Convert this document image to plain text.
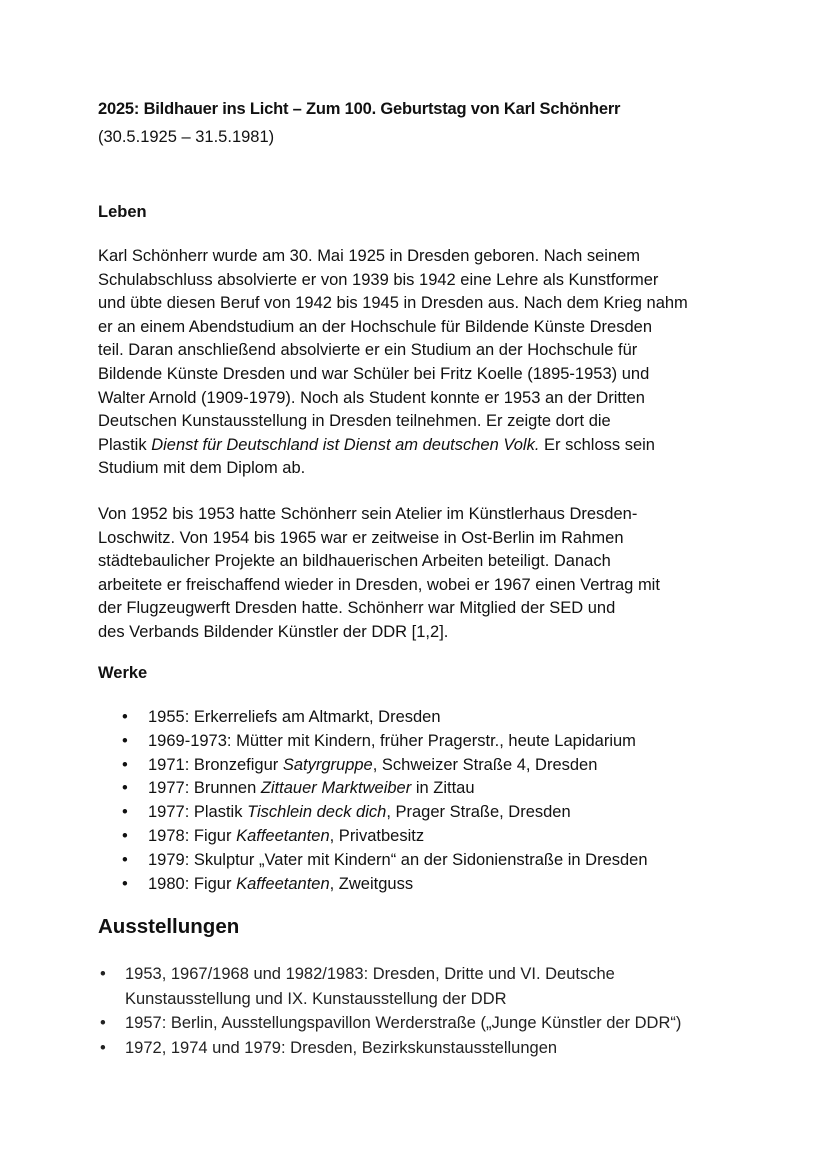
2025: Bildhauer ins Licht – Zum 100. Geburtstag von Karl Schönherr
(30.5.1925 – 31.5.1981)
Leben
Karl Schönherr wurde am 30. Mai 1925 in Dresden geboren. Nach seinem
Schulabschluss absolvierte er von 1939 bis 1942 eine Lehre als Kunstformer
und übte diesen Beruf von 1942 bis 1945 in Dresden aus. Nach dem Krieg nahm
er an einem Abendstudium an der Hochschule für Bildende Künste Dresden
teil. Daran anschließend absolvierte er ein Studium an der Hochschule für
Bildende Künste Dresden und war Schüler bei Fritz Koelle (1895-1953) und
Walter Arnold (1909-1979). Noch als Student konnte er 1953 an der Dritten
Deutschen Kunstausstellung in Dresden teilnehmen. Er zeigte dort die
Plastik Dienst für Deutschland ist Dienst am deutschen Volk. Er schloss sein
Studium mit dem Diplom ab.
Von 1952 bis 1953 hatte Schönherr sein Atelier im Künstlerhaus Dresden-
Loschwitz. Von 1954 bis 1965 war er zeitweise in Ost-Berlin im Rahmen
städtebaulicher Projekte an bildhauerischen Arbeiten beteiligt. Danach
arbeitete er freischaffend wieder in Dresden, wobei er 1967 einen Vertrag mit
der Flugzeugwerft Dresden hatte. Schönherr war Mitglied der SED und
des Verbands Bildender Künstler der DDR [1,2].
Werke
• 1955: Erkerreliefs am Altmarkt, Dresden
• 1969-1973: Mütter mit Kindern, früher Pragerstr., heute Lapidarium
• 1971: Bronzefigur Satyrgruppe, Schweizer Straße 4, Dresden
• 1977: Brunnen Zittauer Marktweiber in Zittau
• 1977: Plastik Tischlein deck dich, Prager Straße, Dresden
• 1978: Figur Kaffeetanten, Privatbesitz
• 1979: Skulptur „Vater mit Kindern“ an der Sidonienstraße in Dresden
• 1980: Figur Kaffeetanten, Zweitguss
Ausstellungen
• 1953, 1967/1968 und 1982/1983: Dresden, Dritte und VI. Deutsche
Kunstausstellung und IX. Kunstausstellung der DDR
• 1957: Berlin, Ausstellungspavillon Werderstraße („Junge Künstler der DDR“)
• 1972, 1974 und 1979: Dresden, Bezirkskunstausstellungen
